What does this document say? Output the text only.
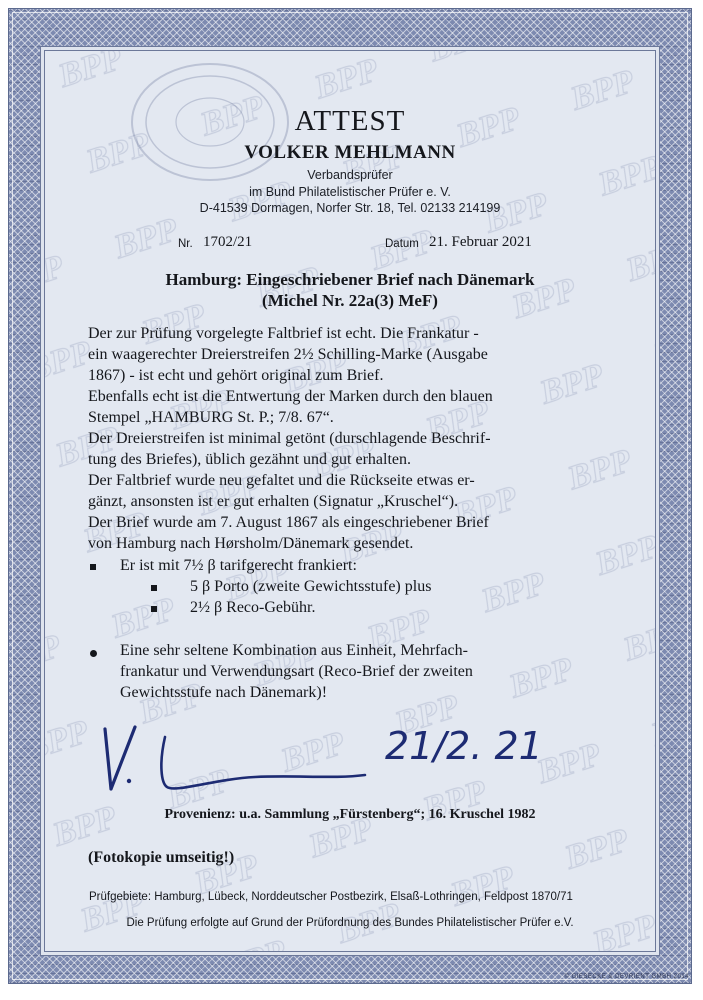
ATTEST
VOLKER MEHLMANN
Verbandsprüfer
im Bund Philatelistischer Prüfer e. V.
D-41539 Dormagen, Norfer Str. 18, Tel. 02133 214199
Nr. 1702/21	Datum 21. Februar 2021
Hamburg: Eingeschriebener Brief nach Dänemark
(Michel Nr. 22a(3) MeF)
Der zur Prüfung vorgelegte Faltbrief ist echt. Die Frankatur -
ein waagerechter Dreierstreifen 2½ Schilling-Marke (Ausgabe
1867) - ist echt und gehört original zum Brief.
Ebenfalls echt ist die Entwertung der Marken durch den blauen
Stempel „HAMBURG St. P.; 7/8. 67“.
Der Dreierstreifen ist minimal getönt (durschlagende Beschrif-
tung des Briefes), üblich gezähnt und gut erhalten.
Der Faltbrief wurde neu gefaltet und die Rückseite etwas er-
gänzt, ansonsten ist er gut erhalten (Signatur „Kruschel“).
Der Brief wurde am 7. August 1867 als eingeschriebener Brief
von Hamburg nach Hørsholm/Dänemark gesendet.
Er ist mit 7½ β tarifgerecht frankiert:
5 β Porto (zweite Gewichtsstufe) plus
2½ β Reco-Gebühr.
Eine sehr seltene Kombination aus Einheit, Mehrfach-
frankatur und Verwendungsart (Reco-Brief der zweiten
Gewichtsstufe nach Dänemark)!
21/2. 21
Provenienz: u.a. Sammlung „Fürstenberg“; 16. Kruschel 1982
(Fotokopie umseitig!)
Prüfgebiete: Hamburg, Lübeck, Norddeutscher Postbezirk, Elsaß-Lothringen, Feldpost 1870/71
Die Prüfung erfolgte auf Grund der Prüfordnung des Bundes Philatelistischer Prüfer e.V.
© GIESECKE & DEVRIENT GMBH 2014
